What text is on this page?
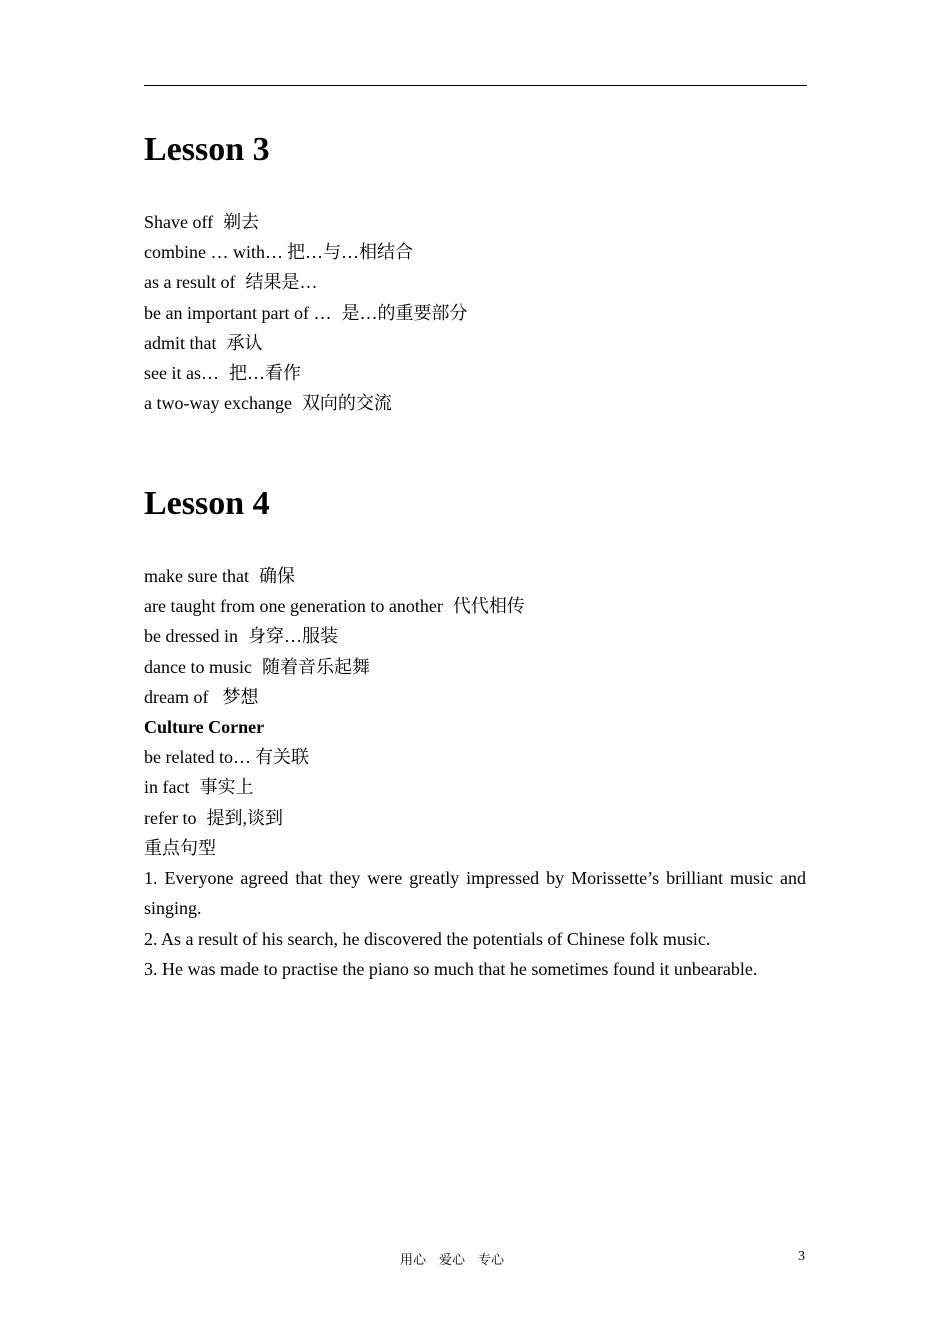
Lesson 3
Shave off 剃去
combine … with… 把…与…相结合
as a result of 结果是…
be an important part of … 是…的重要部分
admit that 承认
see it as… 把…看作
a two-way exchange 双向的交流
Lesson 4
make sure that 确保
are taught from one generation to another 代代相传
be dressed in 身穿…服装
dance to music 随着音乐起舞
dream of 梦想
Culture Corner
be related to… 有关联
in fact 事实上
refer to 提到,谈到
重点句型

1. Everyone agreed that they were greatly impressed by Morissette’s brilliant music and singing.

2. As a result of his search, he discovered the potentials of Chinese folk music.

3. He was made to practise the piano so much that he sometimes found it unbearable.

用心    爱心    专心	3
